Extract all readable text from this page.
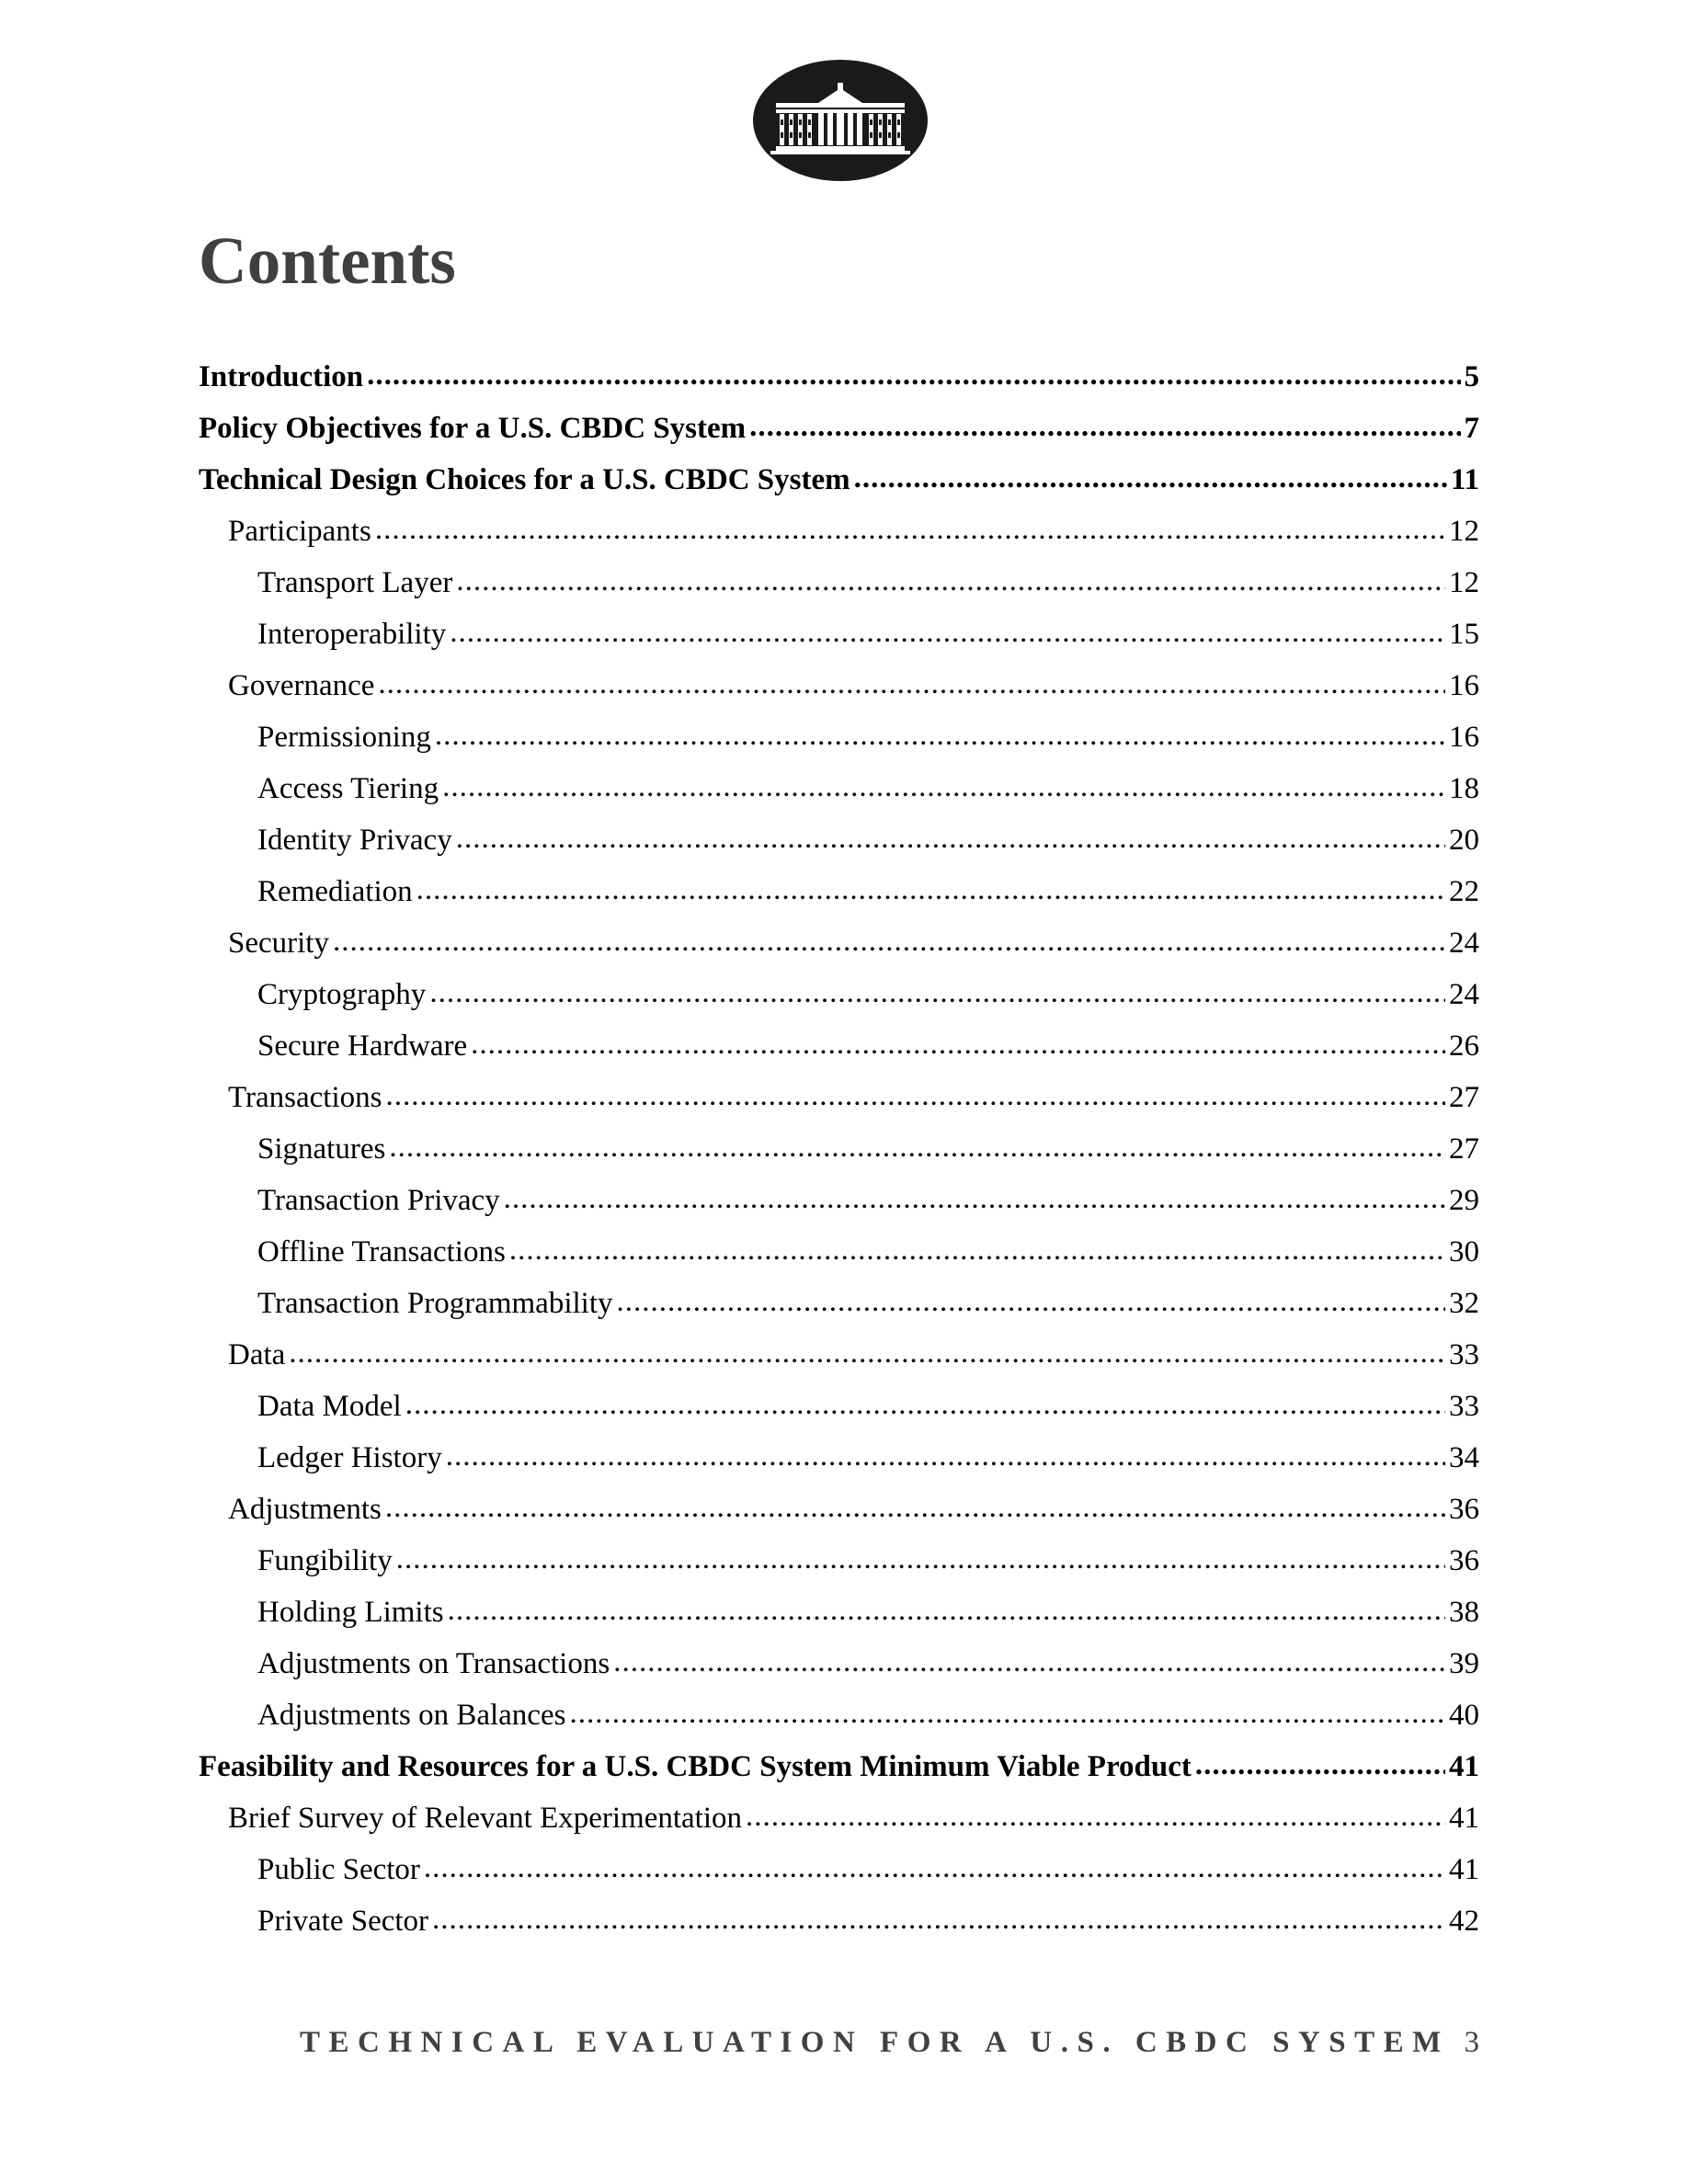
Contents
Introduction .....	5
Policy Objectives for a U.S. CBDC System .....	7
Technical Design Choices for a U.S. CBDC System .....	11
Participants .....	12
Transport Layer .....	12
Interoperability .....	15
Governance .....	16
Permissioning .....	16
Access Tiering .....	18
Identity Privacy .....	20
Remediation .....	22
Security .....	24
Cryptography .....	24
Secure Hardware .....	26
Transactions .....	27
Signatures .....	27
Transaction Privacy .....	29
Offline Transactions .....	30
Transaction Programmability .....	32
Data .....	33
Data Model .....	33
Ledger History .....	34
Adjustments .....	36
Fungibility .....	36
Holding Limits .....	38
Adjustments on Transactions .....	39
Adjustments on Balances .....	40
Feasibility and Resources for a U.S. CBDC System Minimum Viable Product .....	41
Brief Survey of Relevant Experimentation .....	41
Public Sector .....	41
Private Sector .....	42
TECHNICAL EVALUATION FOR A U.S. CBDC SYSTEM 3
